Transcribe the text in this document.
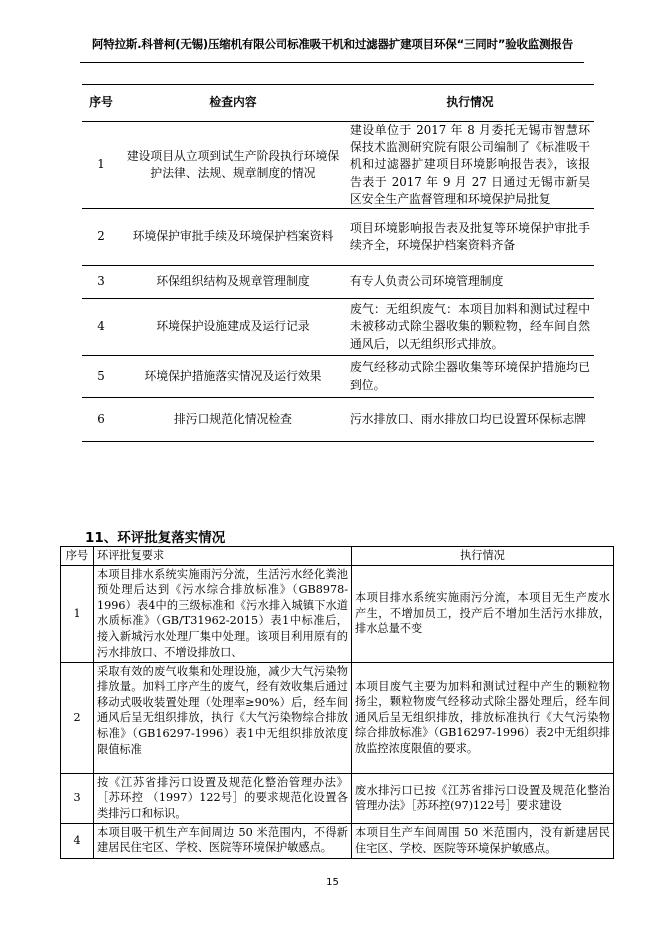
阿特拉斯.科普柯(无锡)压缩机有限公司标准吸干机和过滤器扩建项目环保“三同时”验收监测报告
序号	检查内容	执行情况
1	建设项目从立项到试生产阶段执行环境保护法律、法规、规章制度的情况	建设单位于 2017 年 8 月委托无锡市智慧环保技术监测研究院有限公司编制了《标准吸干机和过滤器扩建项目环境影响报告表》，该报告表于 2017 年 9 月 27 日通过无锡市新吴区安全生产监督管理和环境保护局批复
2	环境保护审批手续及环境保护档案资料	项目环境影响报告表及批复等环境保护审批手续齐全，环境保护档案资料齐备
3	环保组织结构及规章管理制度	有专人负责公司环境管理制度
4	环境保护设施建成及运行记录	废气：无组织废气：本项目加料和测试过程中未被移动式除尘器收集的颗粒物，经车间自然通风后，以无组织形式排放。
5	环境保护措施落实情况及运行效果	废气经移动式除尘器收集等环境保护措施均已到位。
6	排污口规范化情况检查	污水排放口、雨水排放口均已设置环保标志牌
11、环评批复落实情况
序号	环评批复要求	执行情况
1	本项目排水系统实施雨污分流，生活污水经化粪池预处理后达到《污水综合排放标准》（GB8978-1996）表4中的三级标准和《污水排入城镇下水道水质标准》（GB/T31962-2015）表1中标准后，接入新城污水处理厂集中处理。该项目利用原有的污水排放口、不增设排放口、	本项目排水系统实施雨污分流，本项目无生产废水产生，不增加员工，投产后不增加生活污水排放，排水总量不变
2	采取有效的废气收集和处理设施，减少大气污染物排放量。加料工序产生的废气，经有效收集后通过移动式吸收装置处理（处理率≥90%）后，经车间通风后呈无组织排放，执行《大气污染物综合排放标准》（GB16297-1996）表1中无组织排放浓度限值标准	本项目废气主要为加料和测试过程中产生的颗粒物扬尘，颗粒物废气经移动式除尘器处理后，经车间通风后呈无组织排放，排放标准执行《大气污染物综合排放标准》（GB16297-1996）表2中无组织排放监控浓度限值的要求。
3	按《江苏省排污口设置及规范化整治管理办法》［苏环控 （1997）122号］的要求规范化设置各类排污口和标识。	废水排污口已按《江苏省排污口设置及规范化整治管理办法》［苏环控(97)122号］要求建设
4	本项目吸干机生产车间周边 50 米范围内，不得新建居民住宅区、学校、医院等环境保护敏感点。	本项目生产车间周围 50 米范围内，没有新建居民住宅区、学校、医院等环境保护敏感点。
15
